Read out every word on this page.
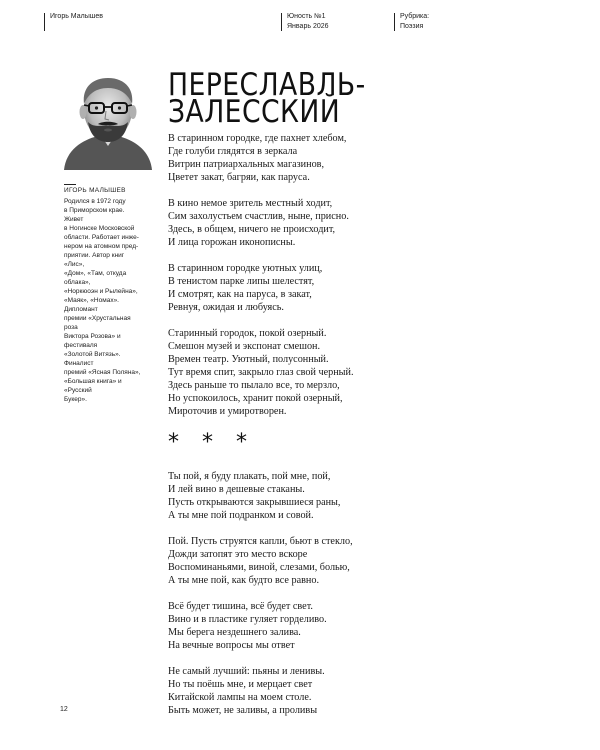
Игорь Малышев	Юность №1
Январь 2026
Рубрика:
Поэзия
ИГОРЬ МАЛЫШЕВ
Родился в 1972 году
в Приморском крае. Живет
в Ногинске Московской
области. Работает инже-
нером на атомном пред-
приятии. Автор книг «Лис»,
«Дом», «Там, откуда облака»,
«Норкюоэн и Рылейна»,
«Маяк», «Номах». Дипломант
премии «Хрустальная роза
Виктора Розова» и фестиваля
«Золотой Витязь». Финалист
премий «Ясная Поляна»,
«Большая книга» и «Русский
Букер».
ПЕРЕСЛАВЛЬ-
ЗАЛЕССКИЙ
В старинном городке, где пахнет хлебом,
Где голуби глядятся в зеркала
Витрин патриархальных магазинов,
Цветет закат, багряи, как паруса.
В кино немое зритель местный ходит,
Сим захолустьем счастлив, ныне, присно.
Здесь, в общем, ничего не происходит,
И лица горожан иконописны.
В старинном городке уютных улиц,
В тенистом парке липы шелестят,
И смотрят, как на паруса, в закат,
Ревнуя, ожидая и любуясь.
Старинный городок, покой озерный.
Смешон музей и экспонат смешон.
Времен театр. Уютный, полусонный.
Тут время спит, закрыло глаз свой черный.
Здесь раньше то пылало все, то мерзло,
Но успокоилось, хранит покой озерный,
Мироточив и умиротворен.
* * *
Ты пой, я буду плакать, пой мне, пой,
И лей вино в дешевые стаканы.
Пусть открываются закрывшиеся раны,
А ты мне пой подранком и совой.
Пой. Пусть струятся капли, бьют в стекло,
Дожди затопят это место вскоре
Воспоминаньями, виной, слезами, болью,
А ты мне пой, как будто все равно.
Всё будет тишина, всё будет свет.
Вино и в пластике гуляет горделиво.
Мы берега нездешнего залива.
На вечные вопросы мы ответ
Не самый лучший: пьяны и ленивы.
Но ты поёшь мне, и мерцает свет
Китайской лампы на моем столе.
Быть может, не заливы, а проливы
12
